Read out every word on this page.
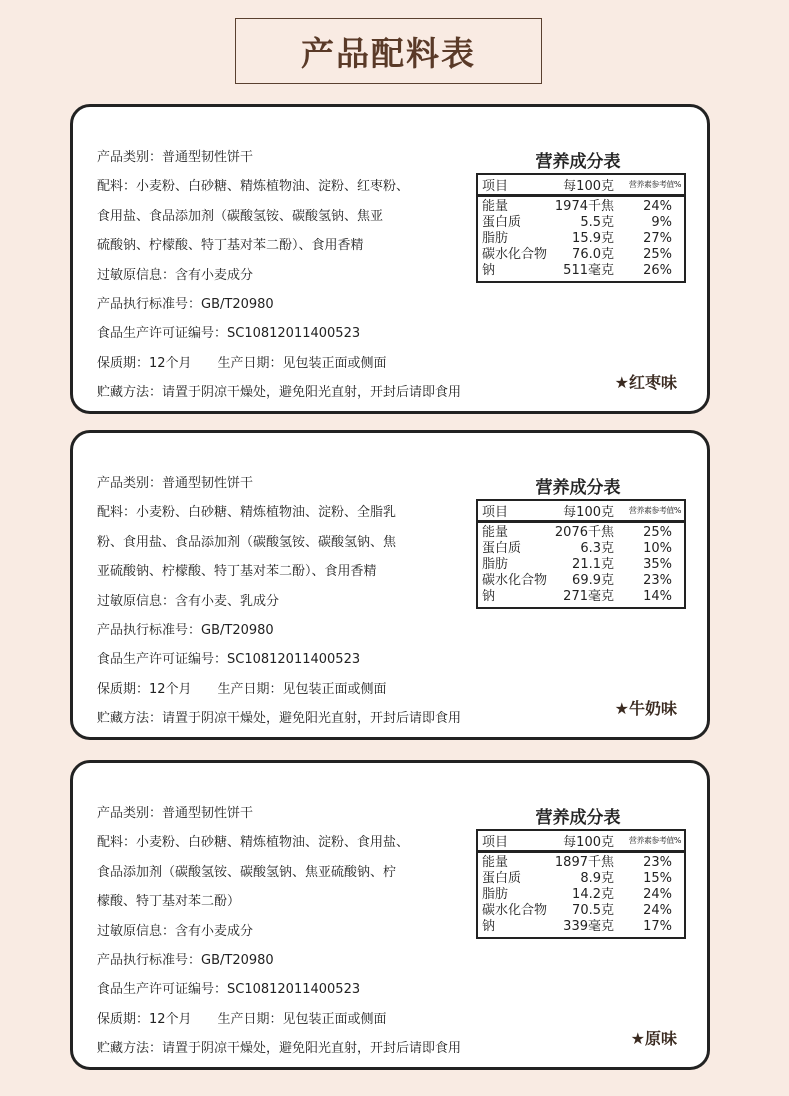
产品配料表
产品类别：普通型韧性饼干
配料：小麦粉、白砂糖、精炼植物油、淀粉、红枣粉、
食用盐、食品添加剂（碳酸氢铵、碳酸氢钠、焦亚
硫酸钠、柠檬酸、特丁基对苯二酚）、食用香精
过敏原信息：含有小麦成分
产品执行标准号：GB/T20980
食品生产许可证编号：SC10812011400523
保质期：12个月　　生产日期：见包装正面或侧面
贮藏方法：请置于阴凉干燥处，避免阳光直射，开封后请即食用
营养成分表
项目	每100克	营养素参考值%
能量	1974千焦	24%
蛋白质	5.5克	9%
脂肪	15.9克	27%
碳水化合物	76.0克	25%
钠	511毫克	26%
★红枣味
产品类别：普通型韧性饼干
配料：小麦粉、白砂糖、精炼植物油、淀粉、全脂乳
粉、食用盐、食品添加剂（碳酸氢铵、碳酸氢钠、焦
亚硫酸钠、柠檬酸、特丁基对苯二酚）、食用香精
过敏原信息：含有小麦、乳成分
产品执行标准号：GB/T20980
食品生产许可证编号：SC10812011400523
保质期：12个月　　生产日期：见包装正面或侧面
贮藏方法：请置于阴凉干燥处，避免阳光直射，开封后请即食用
营养成分表
项目	每100克	营养素参考值%
能量	2076千焦	25%
蛋白质	6.3克	10%
脂肪	21.1克	35%
碳水化合物	69.9克	23%
钠	271毫克	14%
★牛奶味
产品类别：普通型韧性饼干
配料：小麦粉、白砂糖、精炼植物油、淀粉、食用盐、
食品添加剂（碳酸氢铵、碳酸氢钠、焦亚硫酸钠、柠
檬酸、特丁基对苯二酚）
过敏原信息：含有小麦成分
产品执行标准号：GB/T20980
食品生产许可证编号：SC10812011400523
保质期：12个月　　生产日期：见包装正面或侧面
贮藏方法：请置于阴凉干燥处，避免阳光直射，开封后请即食用
营养成分表
项目	每100克	营养素参考值%
能量	1897千焦	23%
蛋白质	8.9克	15%
脂肪	14.2克	24%
碳水化合物	70.5克	24%
钠	339毫克	17%
★原味
